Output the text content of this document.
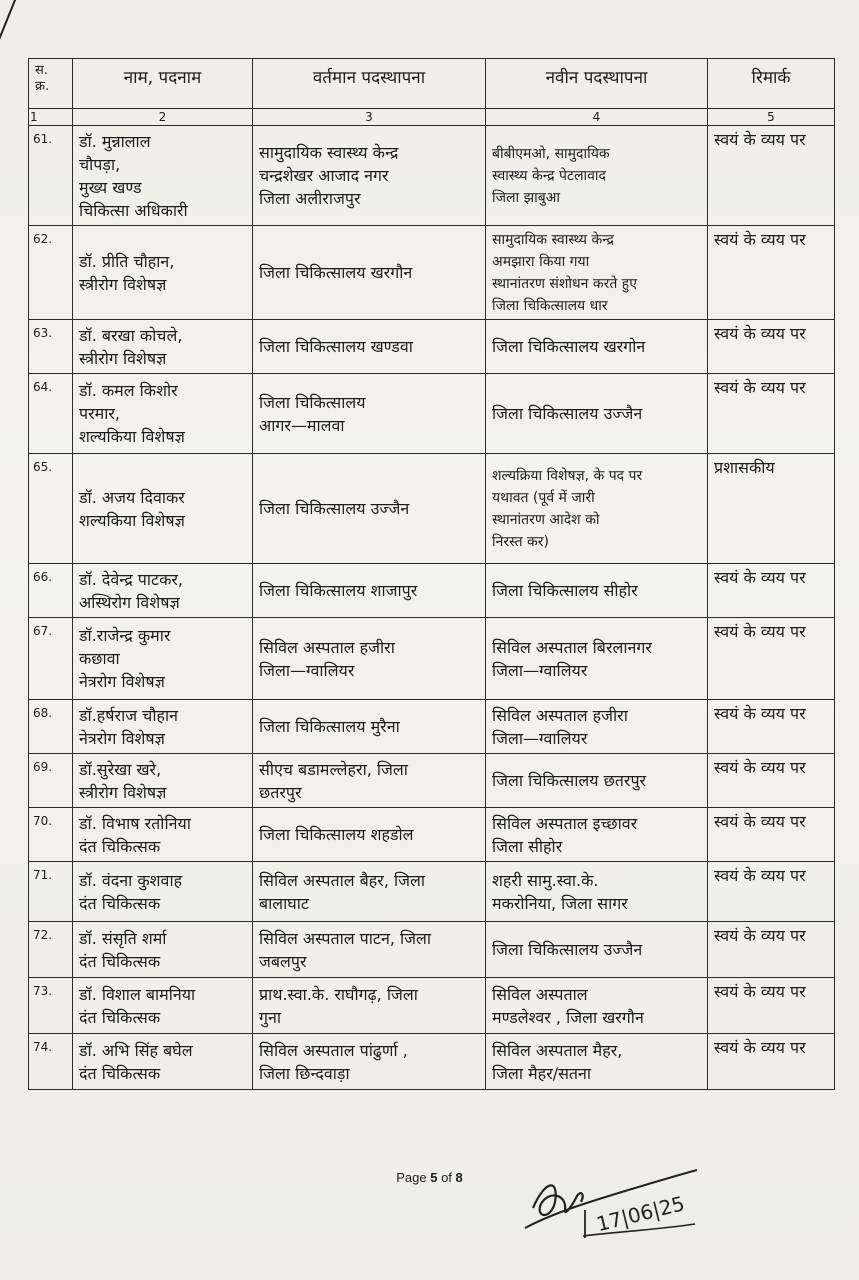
स.
क्र.	नाम, पदनाम	वर्तमान पदस्थापना	नवीन पदस्थापना	रिमार्क
1	2	3	4	5
61.	डॉ. मुन्नालाल
चौपड़ा,
मुख्य खण्ड
चिकित्सा अधिकारी	सामुदायिक स्वास्थ्य केन्द्र
चन्द्रशेखर आजाद नगर
जिला अलीराजपुर	बीबीएमओ, सामुदायिक
स्वास्थ्य केन्द्र पेटलावाद
जिला झाबुआ	स्वयं के व्यय पर
62.	डॉ. प्रीति चौहान,
स्त्रीरोग विशेषज्ञ	जिला चिकित्सालय खरगौन	सामुदायिक स्वास्थ्य केन्द्र
अमझारा किया गया
स्थानांतरण संशोधन करते हुए
जिला चिकित्सालय धार	स्वयं के व्यय पर
63.	डॉ. बरखा कोचले,
स्त्रीरोग विशेषज्ञ	जिला चिकित्सालय खण्डवा	जिला चिकित्सालय खरगोन	स्वयं के व्यय पर
64.	डॉ. कमल किशोर
परमार,
शल्यकिया विशेषज्ञ	जिला चिकित्सालय
आगर—मालवा	जिला चिकित्सालय उज्जैन	स्वयं के व्यय पर
65.	डॉ. अजय दिवाकर
शल्यकिया विशेषज्ञ	जिला चिकित्सालय उज्जैन	शल्यक्रिया विशेषज्ञ, के पद पर
यथावत (पूर्व में जारी
स्थानांतरण आदेश को
निरस्त कर)	प्रशासकीय
66.	डॉ. देवेन्द्र पाटकर,
अस्थिरोग विशेषज्ञ	जिला चिकित्सालय शाजापुर	जिला चिकित्सालय सीहोर	स्वयं के व्यय पर
67.	डॉ.राजेन्द्र कुमार
कछावा
नेत्ररोग विशेषज्ञ	सिविल अस्पताल हजीरा
जिला—ग्वालियर	सिविल अस्पताल बिरलानगर
जिला—ग्वालियर	स्वयं के व्यय पर
68.	डॉ.हर्षराज चौहान
नेत्ररोग विशेषज्ञ	जिला चिकित्सालय मुरैना	सिविल अस्पताल हजीरा
जिला—ग्वालियर	स्वयं के व्यय पर
69.	डॉ.सुरेखा खरे,
स्त्रीरोग विशेषज्ञ	सीएच बडामल्लेहरा, जिला
छतरपुर	जिला चिकित्सालय छतरपुर	स्वयं के व्यय पर
70.	डॉ. विभाष रतोनिया
दंत चिकित्सक	जिला चिकित्सालय शहडोल	सिविल अस्पताल इच्छावर
जिला सीहोर	स्वयं के व्यय पर
71.	डॉ. वंदना कुशवाह
दंत चिकित्सक	सिविल अस्पताल बैहर, जिला
बालाघाट	शहरी सामु.स्वा.के.
मकरोनिया, जिला सागर	स्वयं के व्यय पर
72.	डॉ. संसृति शर्मा
दंत चिकित्सक	सिविल अस्पताल पाटन, जिला
जबलपुर	जिला चिकित्सालय उज्जैन	स्वयं के व्यय पर
73.	डॉ. विशाल बामनिया
दंत चिकित्सक	प्राथ.स्वा.के. राघौगढ़, जिला
गुना	सिविल अस्पताल
मण्डलेश्वर , जिला खरगौन	स्वयं के व्यय पर
74.	डॉ. अभि सिंह बघेल
दंत चिकित्सक	सिविल अस्पताल पांढुर्णा ,
जिला छिन्दवाड़ा	सिविल अस्पताल मैहर,
जिला मैहर/सतना	स्वयं के व्यय पर
Page 5 of 8
17|06|25
